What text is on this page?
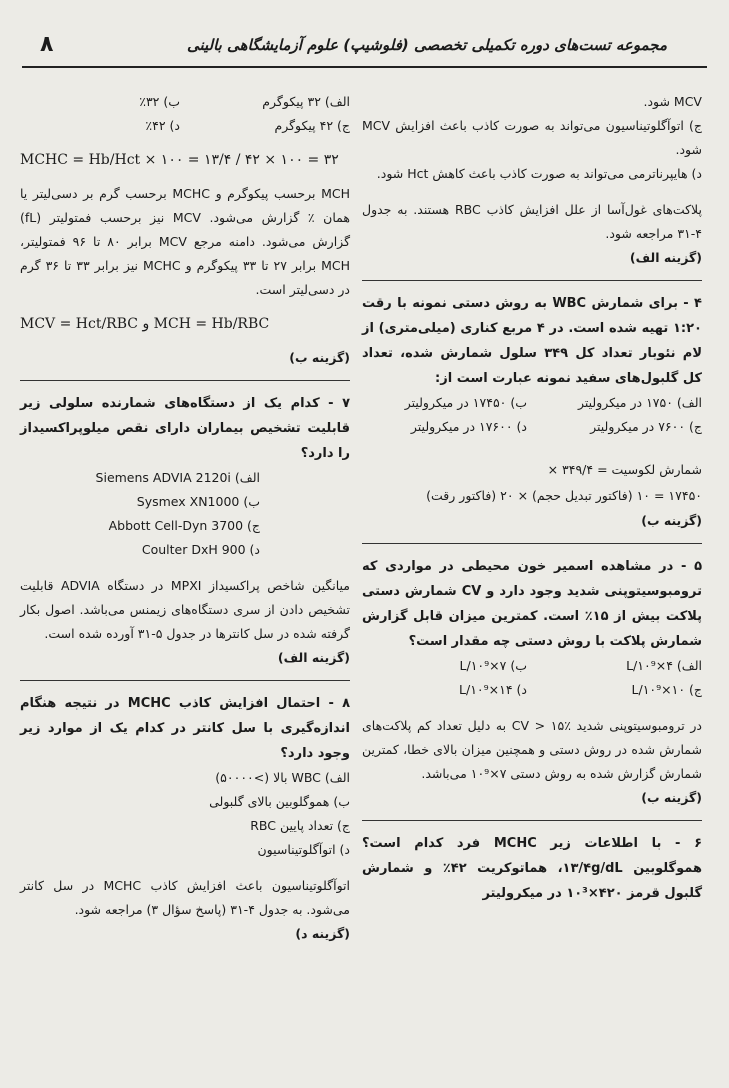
مجموعه تست‌های دوره تکمیلی تخصصی (فلوشیپ) علوم آزمایشگاهی بالینی
۸

MCV شود.

ج) اتوآگلوتیناسیون می‌تواند به صورت کاذب باعث افزایش MCV شود.

د) هایپرناترمی می‌تواند به صورت کاذب باعث کاهش Hct شود.

پلاکت‌های غول‌آسا از علل افزایش کاذب RBC هستند. به جدول ۴-۳۱ مراجعه شود.

(گزینه الف)

۴ - برای شمارش WBC به روش دستی نمونه با رقت ۱:۲۰ تهیه شده است. در ۴ مربع کناری (میلی‌متری) از لام نئوبار تعداد کل ۳۴۹ سلول شمارش شده، تعداد کل گلبول‌های سفید نمونه عبارت است از:

الف) ۱۷۵۰ در میکرولیتر
ب) ۱۷۴۵۰ در میکرولیتر
ج) ۷۶۰۰ در میکرولیتر
د) ۱۷۶۰۰ در میکرولیتر
شمارش لکوسیت = ۳۴۹/۴ ×
۱۷۴۵۰ = ۱۰ (فاکتور تبدیل حجم) × ۲۰ (فاکتور رقت)

(گزینه ب)

۵ - در مشاهده اسمیر خون محیطی در مواردی که ترومبوسیتوپنی شدید وجود دارد و CV شمارش دستی پلاکت بیش از ۱۵٪ است. کمترین میزان قابل گزارش شمارش پلاکت با روش دستی چه مقدار است؟

الف) ۴×۱۰⁹/L
ب) ۷×۱۰⁹/L
ج) ۱۰×۱۰⁹/L
د) ۱۴×۱۰⁹/L

در ترومبوسیتوپنی شدید CV > ۱۵٪ به دلیل تعداد کم پلاکت‌های شمارش شده در روش دستی و همچنین میزان بالای خطا، کمترین شمارش گزارش شده به روش دستی ۷×۱۰⁹ می‌باشد.

(گزینه ب)

۶ - با اطلاعات زیر MCHC فرد کدام است؟ هموگلوبین ۱۳/۴g/dL، هماتوکریت ۴۲٪ و شمارش گلبول قرمز ۴۲۰×۱۰³ در میکرولیتر

الف) ۳۲ پیکوگرم
ب) ۳۲٪
ج) ۴۲ پیکوگرم
د) ۴۲٪
MCHC = Hb/Hct × ۱۰۰ = ۱۳/۴ / ۴۲ × ۱۰۰ = ۳۲

MCH برحسب پیکوگرم و MCHC برحسب گرم بر دسی‌لیتر یا همان ٪ گزارش می‌شود. MCV نیز برحسب فمتولیتر (fL) گزارش می‌شود. دامنه مرجع MCV برابر ۸۰ تا ۹۶ فمتولیتر، MCH برابر ۲۷ تا ۳۳ پیکوگرم و MCHC نیز برابر ۳۳ تا ۳۶ گرم در دسی‌لیتر است.

MCV = Hct/RBC و MCH = Hb/RBC

(گزینه ب)

۷ - کدام یک از دستگاه‌های شمارنده سلولی زیر قابلیت تشخیص بیماران دارای نقص میلوپراکسیداز را دارد؟

الف) Siemens ADVIA 2120i
ب) Sysmex XN1000
ج) Abbott Cell-Dyn 3700
د) Coulter DxH 900

میانگین شاخص پراکسیداز MPXI در دستگاه ADVIA قابلیت تشخیص دادن از سری دستگاه‌های زیمنس می‌باشد. اصول بکار گرفته شده در سل کانترها در جدول ۵-۳۱ آورده شده است.

(گزینه الف)

۸ - احتمال افزایش کاذب MCHC در نتیجه هنگام اندازه‌گیری با سل کانتر در کدام یک از موارد زیر وجود دارد؟

الف) WBC بالا (>۵۰۰۰۰)
ب) هموگلوبین بالای گلبولی
ج) تعداد پایین RBC
د) اتوآگلوتیناسیون

اتوآگلوتیناسیون باعث افزایش کاذب MCHC در سل کانتر می‌شود. به جدول ۴-۳۱ (پاسخ سؤال ۳) مراجعه شود.

(گزینه د)
